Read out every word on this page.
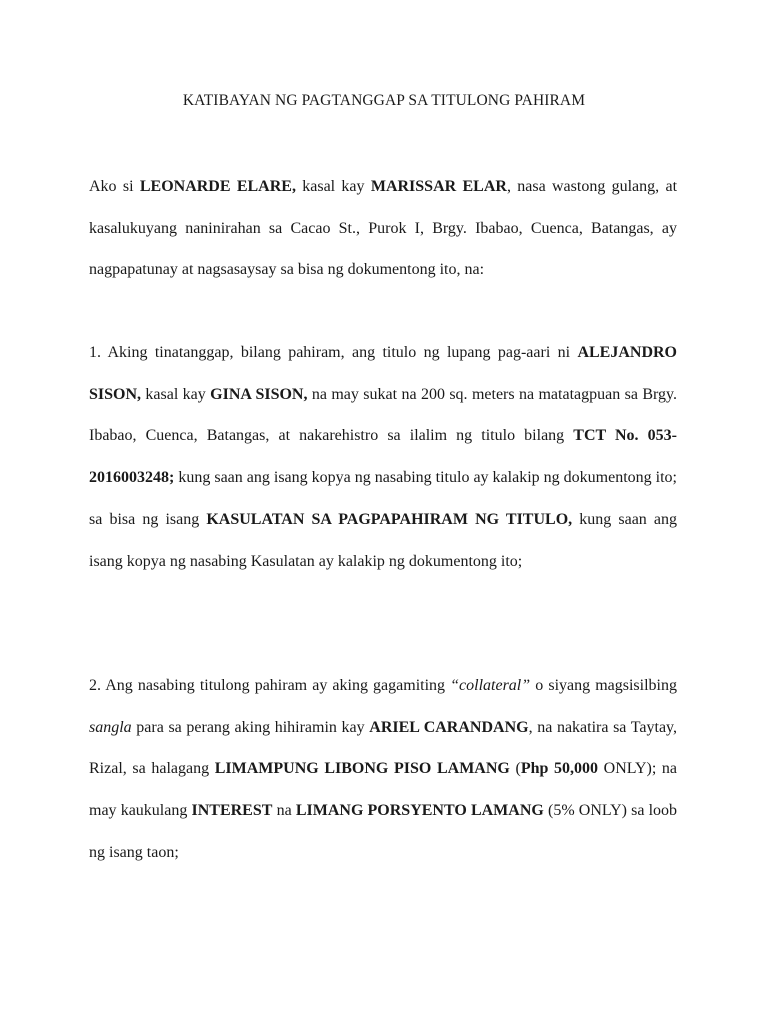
KATIBAYAN NG PAGTANGGAP SA TITULONG PAHIRAM

Ako si LEONARDE ELARE, kasal kay MARISSAR ELAR, nasa wastong gulang, at kasalukuyang naninirahan sa Cacao St., Purok I, Brgy. Ibabao, Cuenca, Batangas, ay nagpapatunay at nagsasaysay sa bisa ng dokumentong ito, na:

1. Aking tinatanggap, bilang pahiram, ang titulo ng lupang pag-aari ni ALEJANDRO SISON, kasal kay GINA SISON, na may sukat na 200 sq. meters na matatagpuan sa Brgy. Ibabao, Cuenca, Batangas, at nakarehistro sa ilalim ng titulo bilang TCT No. 053-2016003248; kung saan ang isang kopya ng nasabing titulo ay kalakip ng dokumentong ito; sa bisa ng isang KASULATAN SA PAGPAPAHIRAM NG TITULO, kung saan ang isang kopya ng nasabing Kasulatan ay kalakip ng dokumentong ito;

2. Ang nasabing titulong pahiram ay aking gagamiting “collateral” o siyang magsisilbing sangla para sa perang aking hihiramin kay ARIEL CARANDANG, na nakatira sa Taytay, Rizal, sa halagang LIMAMPUNG LIBONG PISO LAMANG (Php 50,000 ONLY); na may kaukulang INTEREST na LIMANG PORSYENTO LAMANG (5% ONLY) sa loob ng isang taon;
